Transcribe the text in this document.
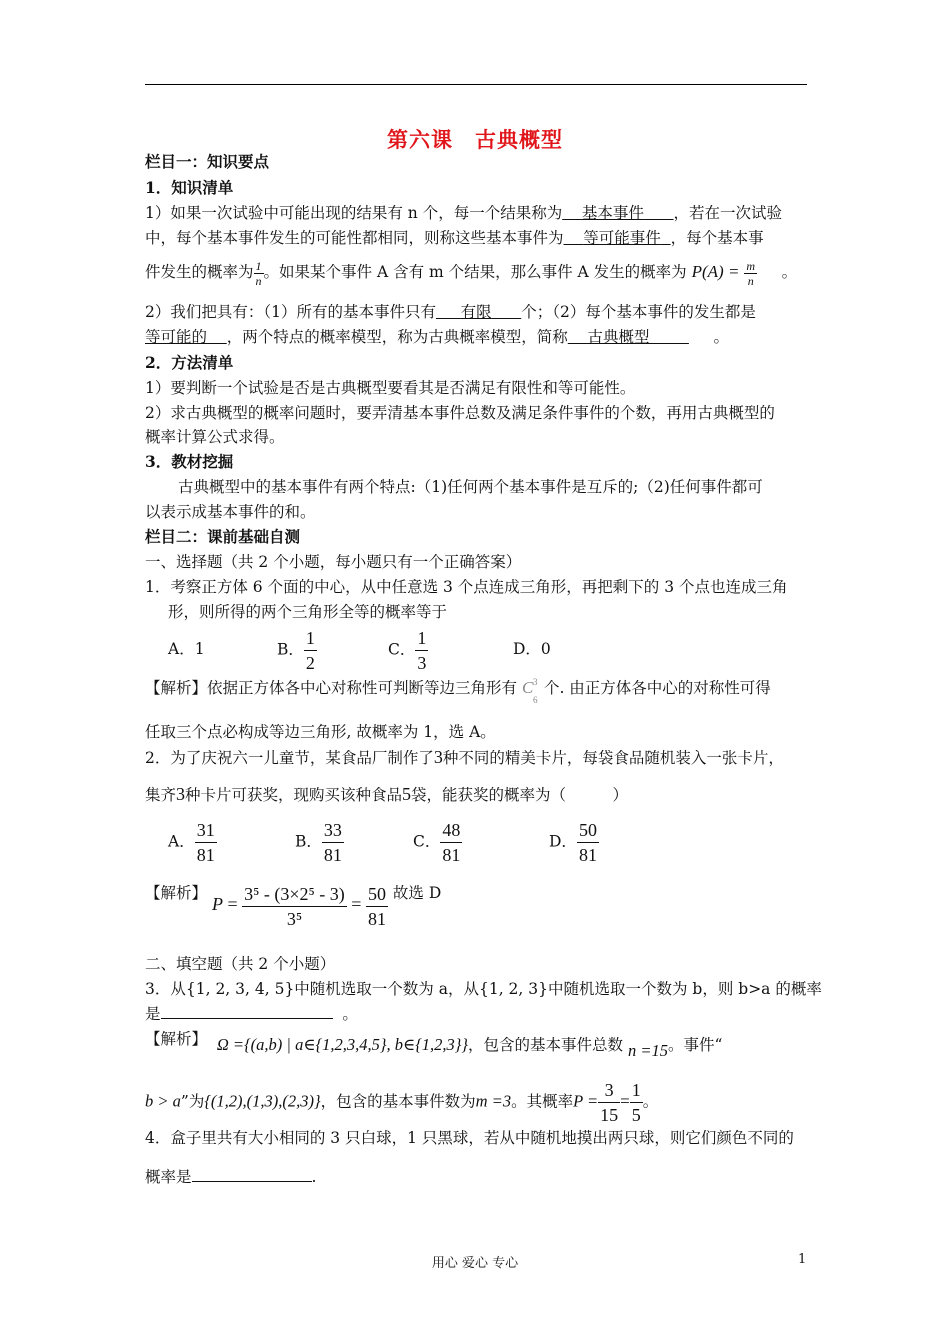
第六课　古典概型
栏目一：知识要点
1．知识清单
1）如果一次试验中可能出现的结果有 n 个，每一个结果称为 基本事件 ，若在一次试验
中，每个基本事件发生的可能性都相同，则称这些基本事件为 等可能事件 ，每个基本事
件发生的概率为 $\frac{1}{n}$ 。如果某个事件 A 含有 m 个结果，那么事件 A 发生的概率为 $P(A) = \frac{m}{n}$ 。
2）我们把具有：（1）所有的基本事件只有 有限 个；（2）每个基本事件的发生都是
等可能的 ，两个特点的概率模型，称为古典概率模型，简称 古典概型	。
2．方法清单
1）要判断一个试验是否是古典概型要看其是否满足有限性和等可能性。
2）求古典概型的概率问题时，要弄清基本事件总数及满足条件事件的个数，再用古典概型的
概率计算公式求得。
3．教材挖掘
古典概型中的基本事件有两个特点:（1)任何两个基本事件是互斥的;（2)任何事件都可
以表示成基本事件的和。
栏目二：课前基础自测
一、选择题（共 2 个小题，每小题只有一个正确答案）
1．考察正方体 6 个面的中心，从中任意选 3 个点连成三角形，再把剩下的 3 个点也连成三角
形，则所得的两个三角形全等的概率等于
A．1	B． $\frac{1}{2}$	C． $\frac{1}{3}$	D．0
【解析】依据正方体各中心对称性可判断等边三角形有 C 3
6
个. 由正方体各中心的对称性可得
任取三个点必构成等边三角形, 故概率为 1，选 A。
2．为了庆祝六一儿童节，某食品厂制作了3种不同的精美卡片，每袋食品随机装入一张卡片，
集齐3种卡片可获奖，现购买该种食品5袋，能获奖的概率为（　　　）
A． $\frac{31}{81}$	B． $\frac{33}{81}$	C． $\frac{48}{81}$	D． $\frac{50}{81}$
【解析】 $P = \frac{\text{3⁵ - (3×2⁵ - 3)}}{\text{3⁵}} = \frac{50}{81}$ 故选 D
二、填空题（共 2 个小题）
3．从{1, 2, 3, 4, 5}中随机选取一个数为 a，从{1, 2, 3}中随机选取一个数为 b，则 b>a 的概率
是	。
【解析】 Ω ={(a,b) | a∈{1,2,3,4,5}, b∈{1,2,3}}，包含的基本事件总数 n =15。事件“
b > a”为{(1,2),(1,3),(2,3)}，包含的基本事件数为m =3。其概率$P = \frac{3}{15} = \frac{1}{5}$ 。
4．盒子里共有大小相同的 3 只白球，1 只黑球，若从中随机地摸出两只球，则它们颜色不同的
概率是	.
用心 爱心 专心	1
